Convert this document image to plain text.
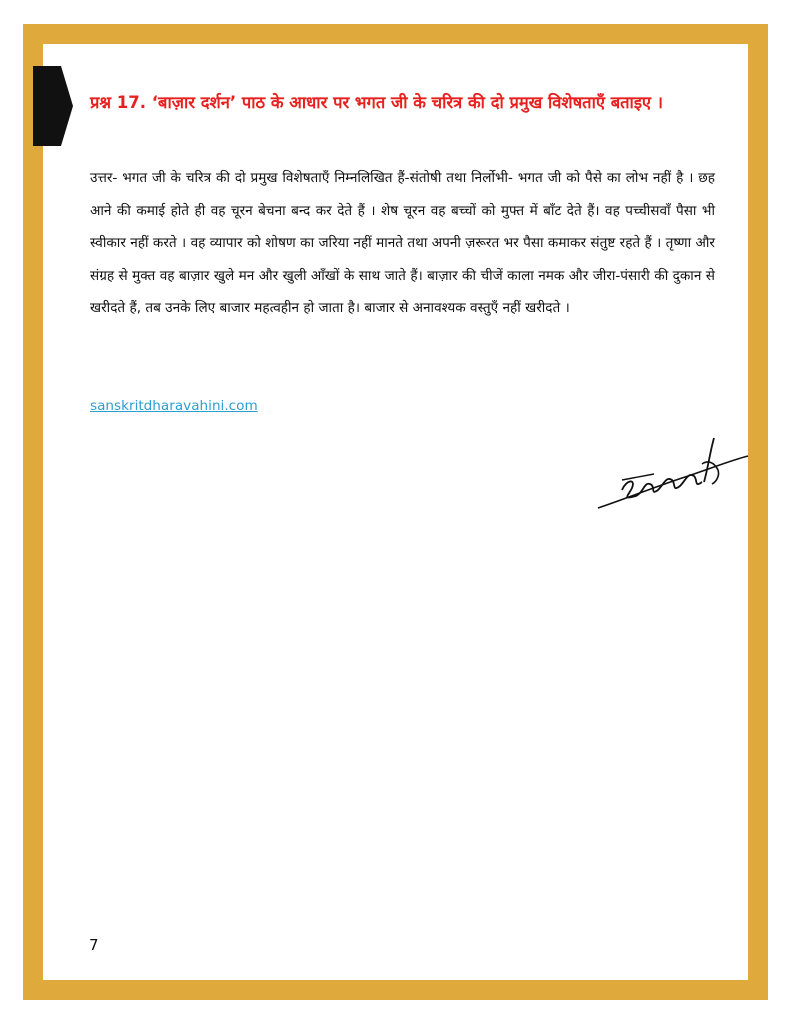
प्रश्न 17. ‘बाज़ार दर्शन’ पाठ के आधार पर भगत जी के चरित्र की दो प्रमुख विशेषताएँ बताइए ।
उत्तर- भगत जी के चरित्र की दो प्रमुख विशेषताएँ निम्नलिखित हैं-संतोषी तथा निर्लोभी- भगत जी को पैसे का लोभ नहीं है । छह आने की कमाई होते ही वह चूरन बेचना बन्द कर देते हैं । शेष चूरन वह बच्चों को मुफ्त में बाँट देते हैं। वह पच्चीसवाँ पैसा भी स्वीकार नहीं करते । वह व्यापार को शोषण का जरिया नहीं मानते तथा अपनी ज़रूरत भर पैसा कमाकर संतुष्ट रहते हैं । तृष्णा और संग्रह से मुक्त वह बाज़ार खुले मन और खुली आँखों के साथ जाते हैं। बाज़ार की चीजें काला नमक और जीरा-पंसारी की दुकान से खरीदते हैं, तब उनके लिए बाजार महत्वहीन हो जाता है। बाजार से अनावश्यक वस्तुएँ नहीं खरीदते ।
sanskritdharavahini.com
7
